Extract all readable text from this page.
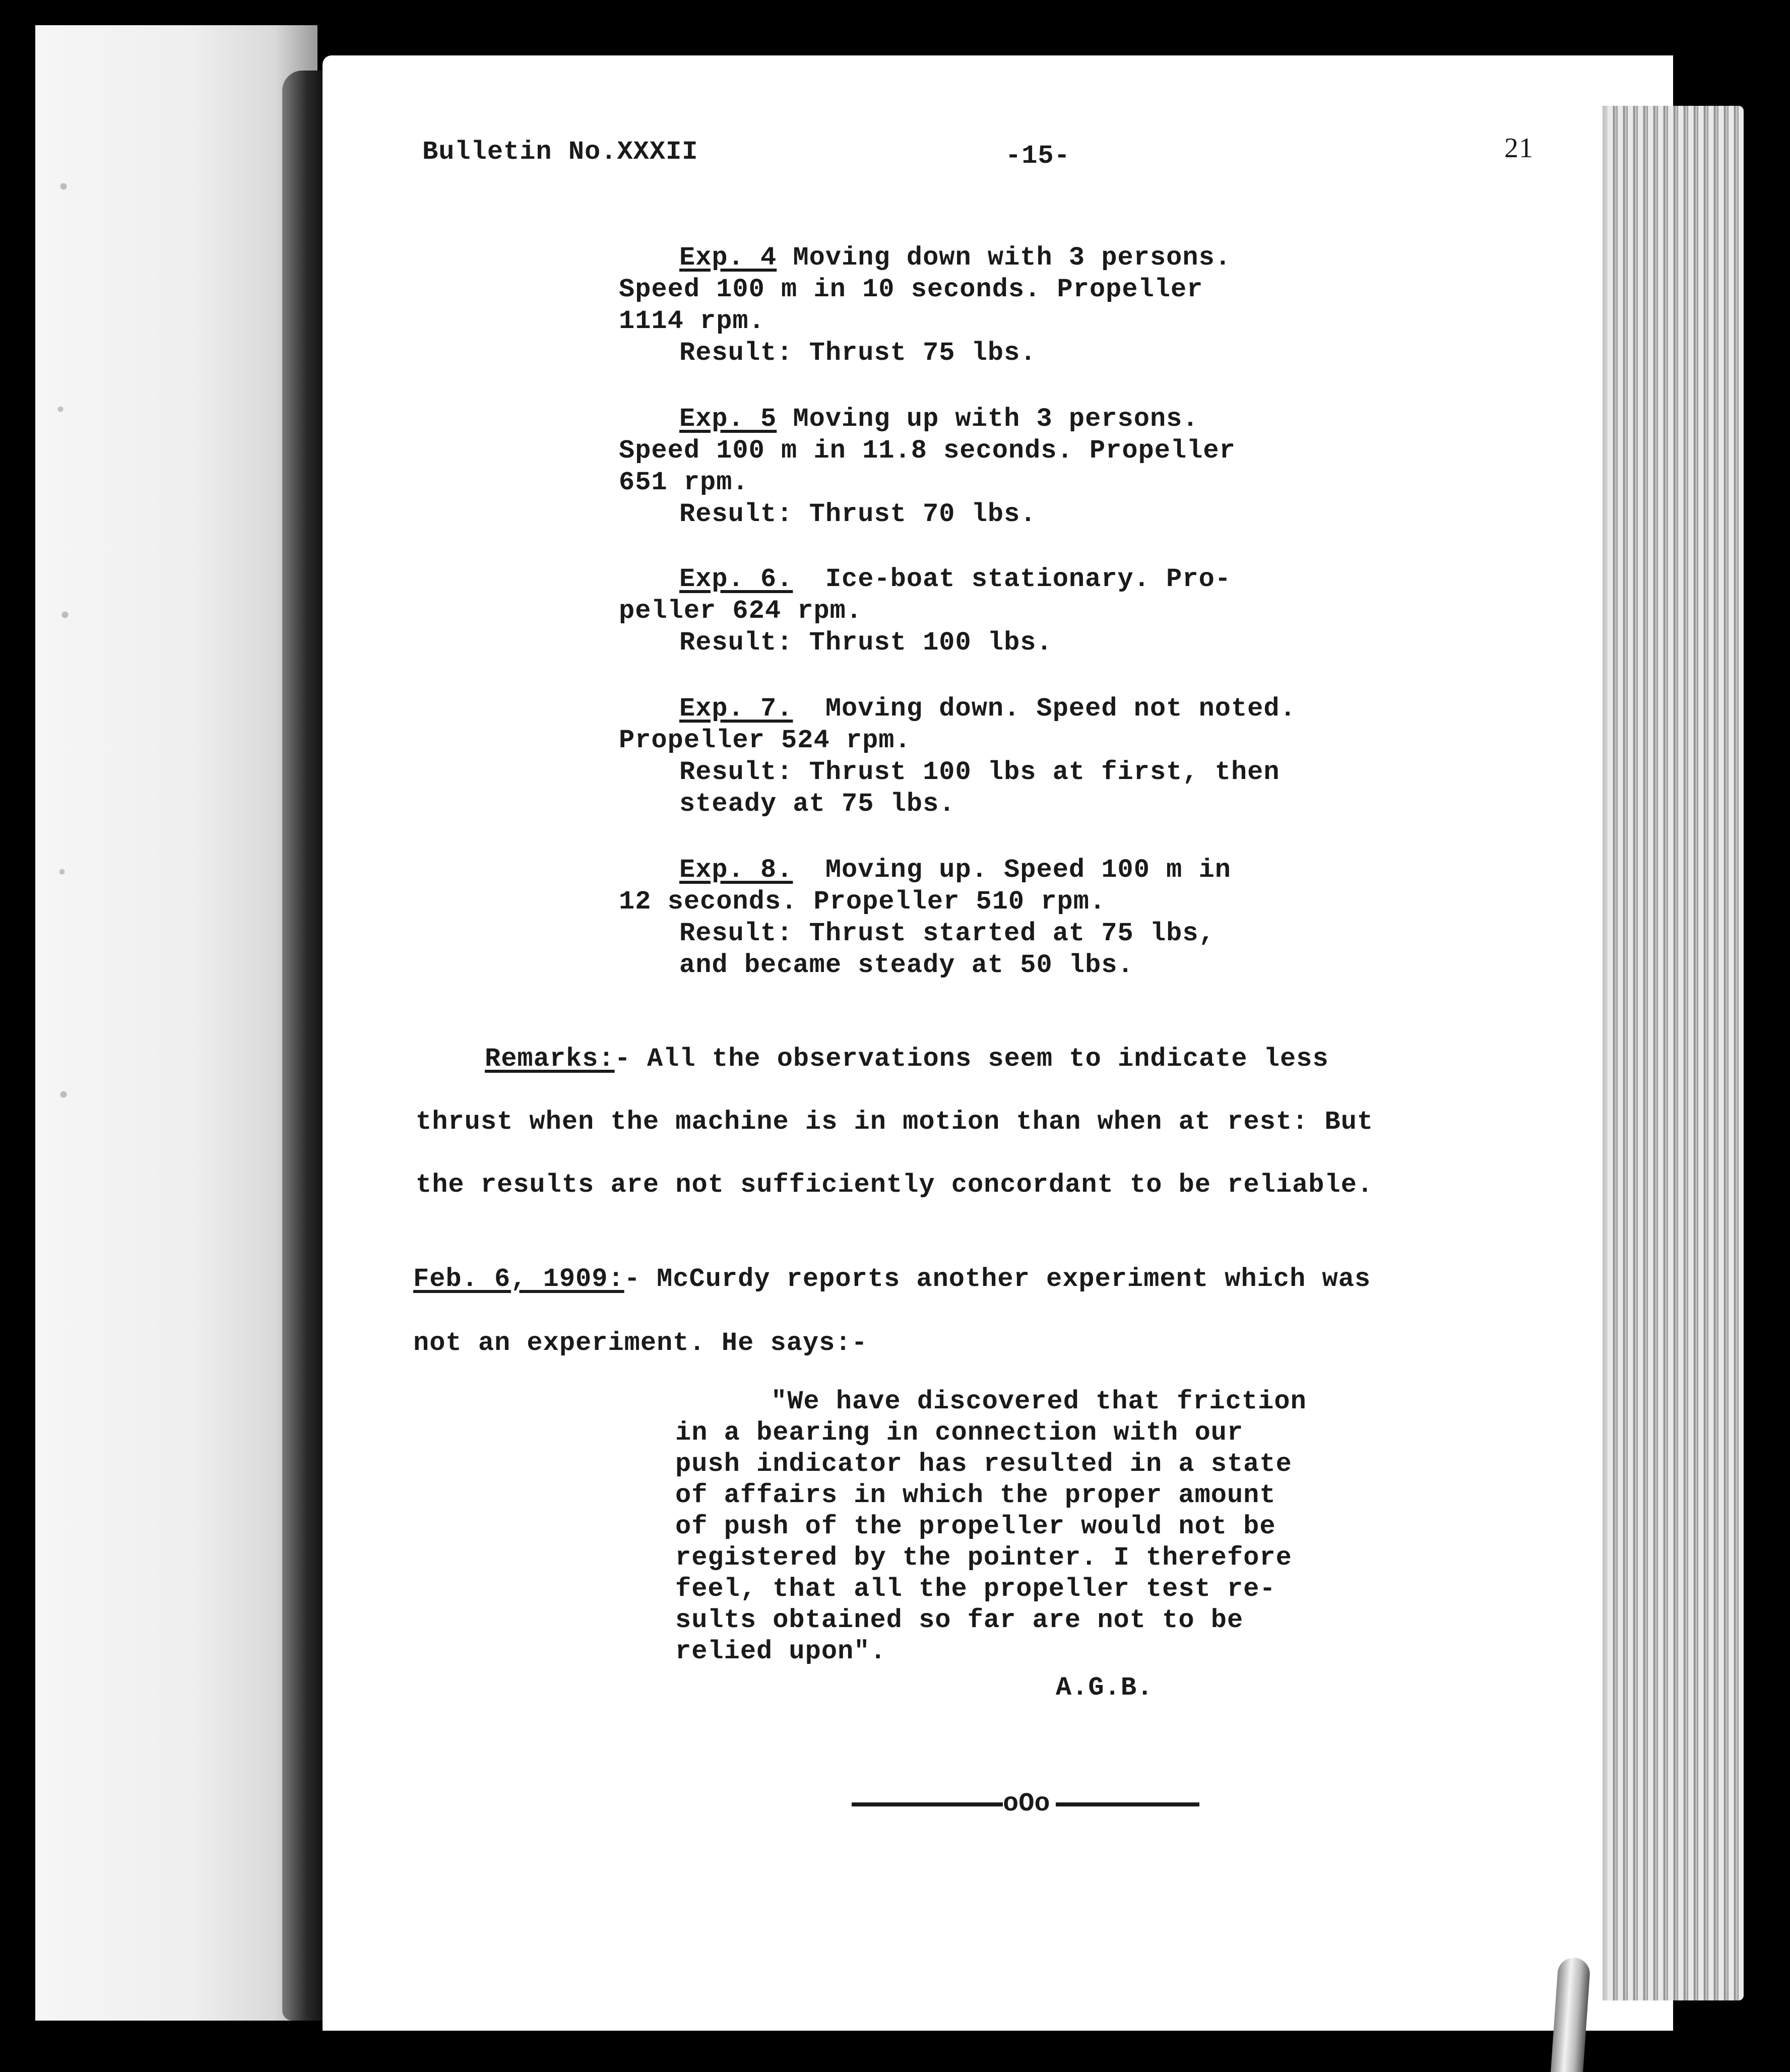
Bulletin No.XXXII	-15-	21
Exp. 4 Moving down with 3 persons.
Speed 100 m in 10 seconds. Propeller
1114 rpm.
Result: Thrust 75 lbs.
Exp. 5 Moving up with 3 persons.
Speed 100 m in 11.8 seconds. Propeller
651 rpm.
Result: Thrust 70 lbs.
Exp. 6.  Ice-boat stationary. Pro-
peller 624 rpm.
Result: Thrust 100 lbs.
Exp. 7.  Moving down. Speed not noted.
Propeller 524 rpm.
Result: Thrust 100 lbs at first, then
steady at 75 lbs.
Exp. 8.  Moving up. Speed 100 m in
12 seconds. Propeller 510 rpm.
Result: Thrust started at 75 lbs,
and became steady at 50 lbs.
Remarks:- All the observations seem to indicate less
thrust when the machine is in motion than when at rest: But
the results are not sufficiently concordant to be reliable.
Feb. 6, 1909:- McCurdy reports another experiment which was
not an experiment. He says:-
"We have discovered that friction
in a bearing in connection with our
push indicator has resulted in a state
of affairs in which the proper amount
of push of the propeller would not be
registered by the pointer. I therefore
feel, that all the propeller test re-
sults obtained so far are not to be
relied upon".
A.G.B.
oOo
